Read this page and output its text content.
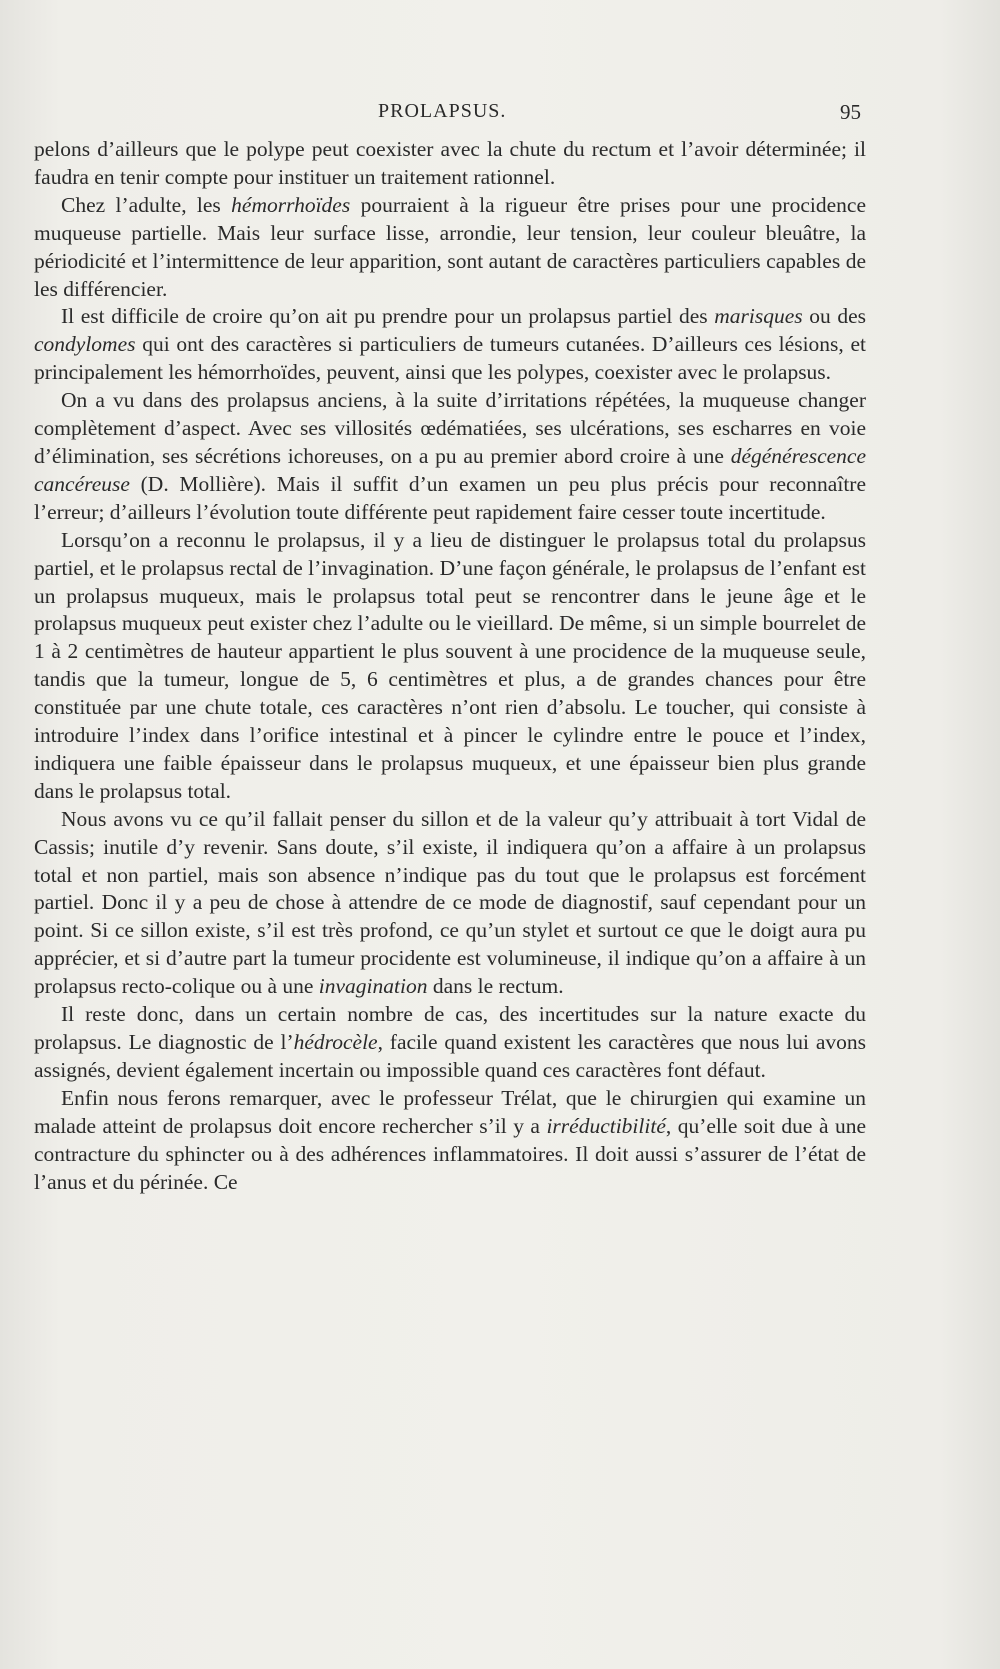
PROLAPSUS.	95

pelons d’ailleurs que le polype peut coexister avec la chute du rectum et l’avoir déterminée; il faudra en tenir compte pour instituer un traitement rationnel.

Chez l’adulte, les hémorrhoïdes pourraient à la rigueur être prises pour une procidence muqueuse partielle. Mais leur surface lisse, arrondie, leur tension, leur couleur bleuâtre, la périodicité et l’intermittence de leur apparition, sont autant de caractères particuliers capables de les différencier.

Il est difficile de croire qu’on ait pu prendre pour un prolapsus partiel des marisques ou des condylomes qui ont des caractères si particuliers de tumeurs cutanées. D’ailleurs ces lésions, et principalement les hémorrhoïdes, peuvent, ainsi que les polypes, coexister avec le prolapsus.

On a vu dans des prolapsus anciens, à la suite d’irritations répétées, la muqueuse changer complètement d’aspect. Avec ses villosités œdématiées, ses ulcérations, ses escharres en voie d’élimination, ses sécrétions ichoreuses, on a pu au premier abord croire à une dégénérescence cancéreuse (D. Mollière). Mais il suffit d’un examen un peu plus précis pour reconnaître l’erreur; d’ailleurs l’évolution toute différente peut rapidement faire cesser toute incertitude.

Lorsqu’on a reconnu le prolapsus, il y a lieu de distinguer le prolapsus total du prolapsus partiel, et le prolapsus rectal de l’invagination. D’une façon générale, le prolapsus de l’enfant est un prolapsus muqueux, mais le prolapsus total peut se rencontrer dans le jeune âge et le prolapsus muqueux peut exister chez l’adulte ou le vieillard. De même, si un simple bourrelet de 1 à 2 centimètres de hauteur appartient le plus souvent à une procidence de la muqueuse seule, tandis que la tumeur, longue de 5, 6 centimètres et plus, a de grandes chances pour être constituée par une chute totale, ces caractères n’ont rien d’absolu. Le toucher, qui consiste à introduire l’index dans l’orifice intestinal et à pincer le cylindre entre le pouce et l’index, indiquera une faible épaisseur dans le prolapsus muqueux, et une épaisseur bien plus grande dans le prolapsus total.

Nous avons vu ce qu’il fallait penser du sillon et de la valeur qu’y attribuait à tort Vidal de Cassis; inutile d’y revenir. Sans doute, s’il existe, il indiquera qu’on a affaire à un prolapsus total et non partiel, mais son absence n’indique pas du tout que le prolapsus est forcément partiel. Donc il y a peu de chose à attendre de ce mode de diagnostif, sauf cependant pour un point. Si ce sillon existe, s’il est très profond, ce qu’un stylet et surtout ce que le doigt aura pu apprécier, et si d’autre part la tumeur procidente est volumineuse, il indique qu’on a affaire à un prolapsus recto-colique ou à une invagination dans le rectum.

Il reste donc, dans un certain nombre de cas, des incertitudes sur la nature exacte du prolapsus. Le diagnostic de l’hédrocèle, facile quand existent les caractères que nous lui avons assignés, devient également incertain ou impossible quand ces caractères font défaut.

Enfin nous ferons remarquer, avec le professeur Trélat, que le chirurgien qui examine un malade atteint de prolapsus doit encore rechercher s’il y a irréductibilité, qu’elle soit due à une contracture du sphincter ou à des adhérences inflammatoires. Il doit aussi s’assurer de l’état de l’anus et du périnée. Ce
